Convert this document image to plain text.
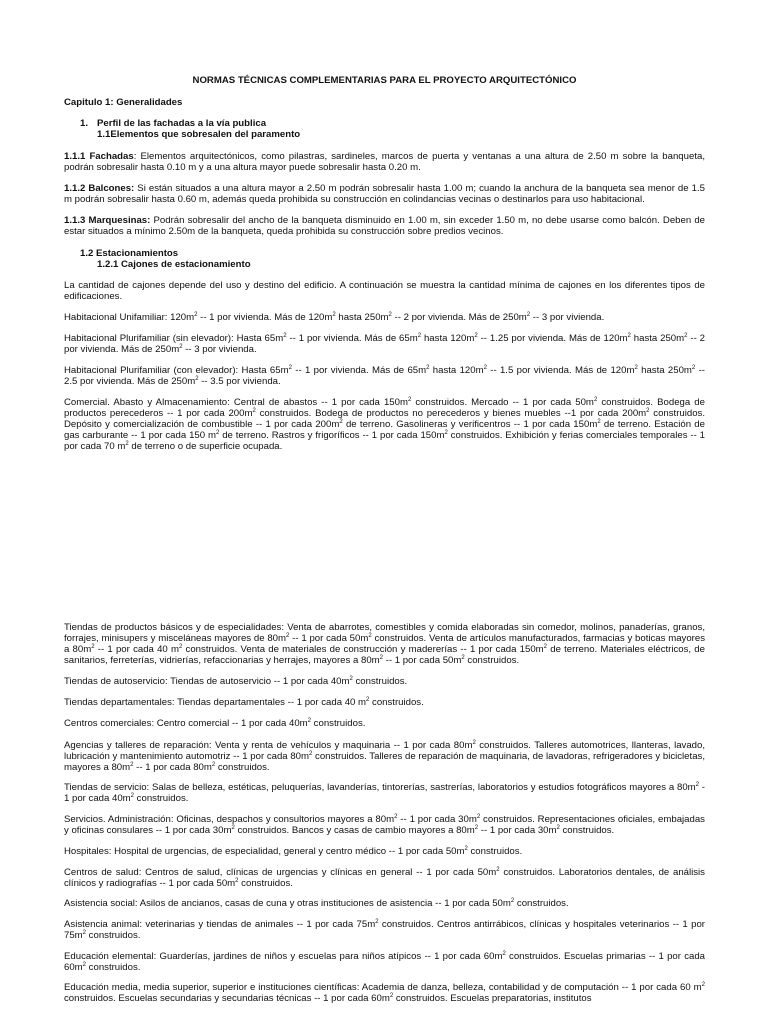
NORMAS TÉCNICAS COMPLEMENTARIAS PARA EL PROYECTO ARQUITECTÓNICO

Capitulo 1: Generalidades

1. Perfil de las fachadas a la vía publica

1.1Elementos que sobresalen del paramento

1.1.1 Fachadas: Elementos arquitectónicos, como pilastras, sardineles, marcos de puerta y ventanas a una altura de 2.50 m sobre la banqueta, podrán sobresalir hasta 0.10 m y a una altura mayor puede sobresalir hasta 0.20 m.

1.1.2 Balcones: Si están situados a una altura mayor a 2.50 m podrán sobresalir hasta 1.00 m; cuando la anchura de la banqueta sea menor de 1.5 m podrán sobresalir hasta 0.60 m, además queda prohibida su construcción en colindancias vecinas o destinarlos para uso habitacional.

1.1.3 Marquesinas: Podrán sobresalir del ancho de la banqueta disminuido en 1.00 m, sin exceder 1.50 m, no debe usarse como balcón. Deben de estar situados a mínimo 2.50m de la banqueta, queda prohibida su construcción sobre predios vecinos.

1.2 Estacionamientos

1.2.1 Cajones de estacionamiento

La cantidad de cajones depende del uso y destino del edificio. A continuación se muestra la cantidad mínima de cajones en los diferentes tipos de edificaciones.

Habitacional Unifamiliar: $120m^2 -- 1$ por vivienda. Más de $120m^2$ hasta $250m^2 -- 2$ por vivienda. Más de $250m^2 -- 3$ por vivienda.

Habitacional Plurifamiliar (sin elevador): Hasta $65m^2 -- 1$ por vivienda. Más de $65m^2$ hasta $120m^2 -- 1.25$ por vivienda. Más de $120m^2$ hasta $250m^2 -- 2$ por vivienda. Más de $250m^2 -- 3$ por vivienda.

Habitacional Plurifamiliar (con elevador): Hasta $65m^2 -- 1$ por vivienda. Más de $65m^2$ hasta $120m^2 -- 1.5$ por vivienda. Más de $120m^2$ hasta $250m^2 -- 2.5$ por vivienda. Más de $250m^2 -- 3.5$ por vivienda.

Comercial. Abasto y Almacenamiento: Central de abastos -- 1 por cada $150m^2$ construidos. Mercado -- 1 por cada $50m^2$ construidos. Bodega de productos perecederos -- 1 por cada $200m^2$ construidos. Bodega de productos no perecederos y bienes muebles --1 por cada $200m^2$ construidos. Depósito y comercialización de combustible -- 1 por cada $200m^2$ de terreno. Gasolineras y verificentros -- 1 por cada $150m^2$ de terreno. Estación de gas carburante -- 1 por cada 150 $m^2$ de terreno. Rastros y frigoríficos -- 1 por cada $150m^2$ construidos. Exhibición y ferias comerciales temporales -- 1 por cada 70 $m^2$ de terreno o de superficie ocupada.

Tiendas de productos básicos y de especialidades: Venta de abarrotes, comestibles y comida elaboradas sin comedor, molinos, panaderías, granos, forrajes, minisupers y misceláneas mayores de $80m^2 -- 1$ por cada $50m^2$ construidos. Venta de artículos manufacturados, farmacias y boticas mayores a $80m^2 -- 1$ por cada 40 $m^2$ construidos. Venta de materiales de construcción y madererías -- 1 por cada $150m^2$ de terreno. Materiales eléctricos, de sanitarios, ferreterías, vidrierías, refaccionarias y herrajes, mayores a $80m^2 -- 1$ por cada $50m^2$ construidos.

Tiendas de autoservicio: Tiendas de autoservicio -- 1 por cada $40m^2$ construidos.

Tiendas departamentales: Tiendas departamentales -- 1 por cada 40 $m^2$ construidos.

Centros comerciales: Centro comercial -- 1 por cada $40m^2$ construidos.

Agencias y talleres de reparación: Venta y renta de vehículos y maquinaria -- 1 por cada $80m^2$ construidos. Talleres automotrices, llanteras, lavado, lubricación y mantenimiento automotriz -- 1 por cada $80m^2$ construidos. Talleres de reparación de maquinaria, de lavadoras, refrigeradores y bicicletas, mayores a $80m^2 -- 1$ por cada $80m^2$ construidos.

Tiendas de servicio: Salas de belleza, estéticas, peluquerías, lavanderías, tintorerías, sastrerías, laboratorios y estudios fotográficos mayores a $80m^2 - 1$ por cada $40m^2$ construidos.

Servicios. Administración: Oficinas, despachos y consultorios mayores a $80m^2 -- 1$ por cada $30m^2$ construidos. Representaciones oficiales, embajadas y oficinas consulares -- 1 por cada $30m^2$ construidos. Bancos y casas de cambio mayores a $80m^2 -- 1$ por cada $30m^2$ construidos.

Hospitales: Hospital de urgencias, de especialidad, general y centro médico -- 1 por cada $50m^2$ construidos.

Centros de salud: Centros de salud, clínicas de urgencias y clínicas en general -- 1 por cada $50m^2$ construidos. Laboratorios dentales, de análisis clínicos y radiografías -- 1 por cada $50m^2$ construidos.

Asistencia social: Asilos de ancianos, casas de cuna y otras instituciones de asistencia -- 1 por cada $50m^2$ construidos.

Asistencia animal: veterinarias y tiendas de animales -- 1 por cada $75m^2$ construidos. Centros antirrábicos, clínicas y hospitales veterinarios -- 1 por $75m^2$ construidos.

Educación elemental: Guarderías, jardines de niños y escuelas para niños atípicos -- 1 por cada $60m^2$ construidos. Escuelas primarias -- 1 por cada $60m^2$ construidos.

Educación media, media superior, superior e instituciones científicas: Academia de danza, belleza, contabilidad y de computación -- 1 por cada 60 $m^2$ construidos. Escuelas secundarias y secundarias técnicas -- 1 por cada $60m^2$ construidos. Escuelas preparatorias, institutos
